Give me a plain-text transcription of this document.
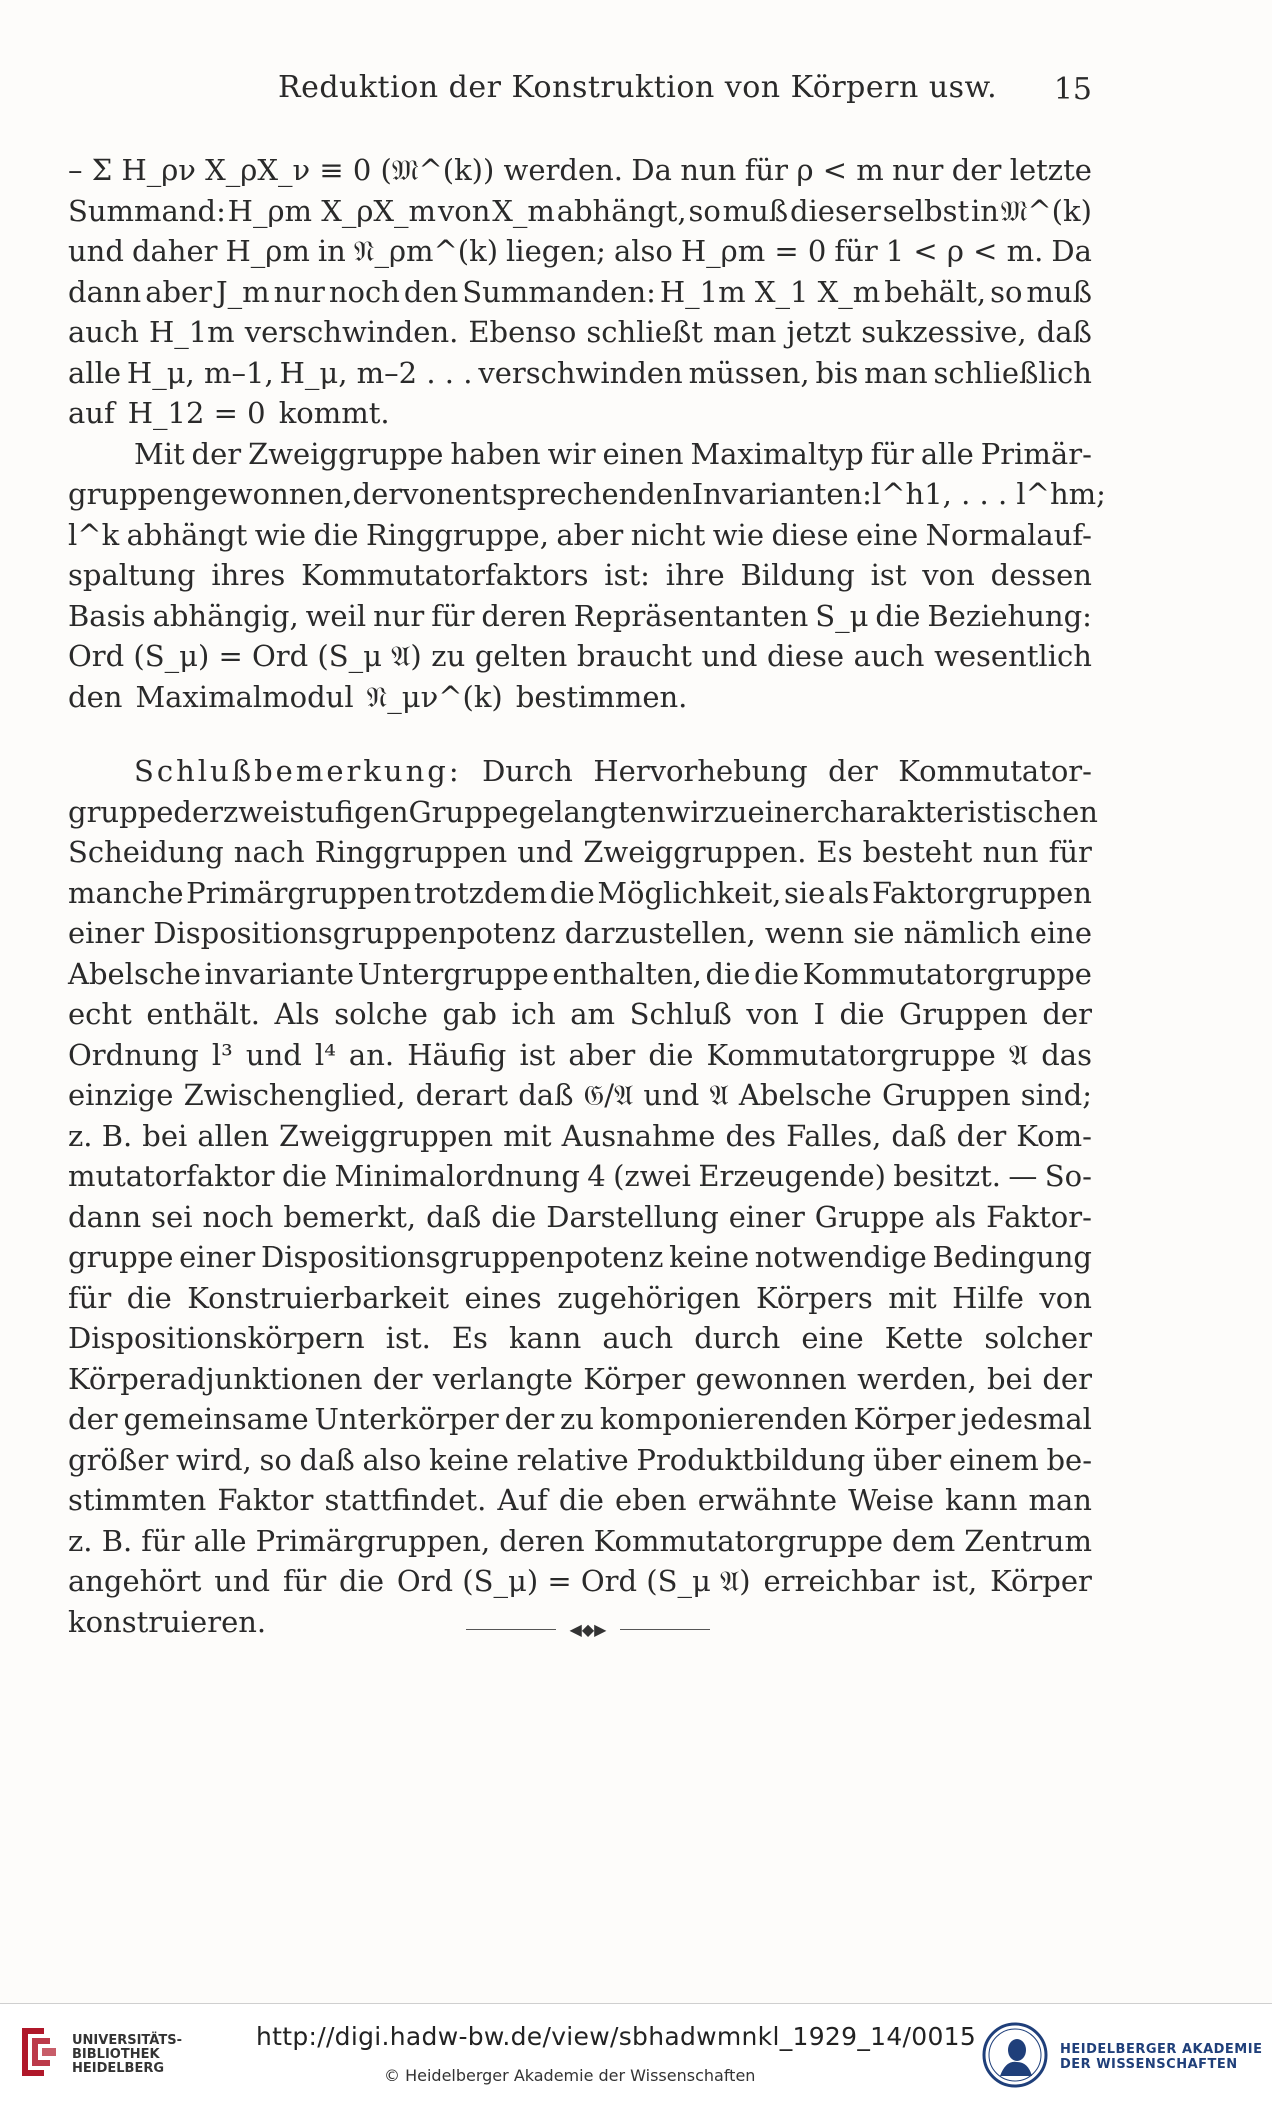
Reduktion der Konstruktion von Körpern usw. 15
– Σ H_ρν X_ρX_ν ≡ 0 (𝔐^(k)) werden. Da nun für ρ < m nur der letzte
Summand: H_ρm X_ρX_m von X_m abhängt, so muß dieser selbst in 𝔐^(k)
und daher H_ρm in 𝔑_ρm^(k) liegen; also H_ρm = 0 für 1 < ρ < m. Da
dann aber J_m nur noch den Summanden: H_1m X_1 X_m behält, so muß
auch H_1m verschwinden. Ebenso schließt man jetzt sukzessive, daß
alle H_μ, m–1, H_μ, m–2 . . . verschwinden müssen, bis man schließlich
auf H_12 = 0 kommt.
Mit der Zweiggruppe haben wir einen Maximaltyp für alle Primär-
gruppen gewonnen, der von entsprechenden Invarianten: l^h1, . . . l^hm;
l^k abhängt wie die Ringgruppe, aber nicht wie diese eine Normalauf-
spaltung ihres Kommutatorfaktors ist: ihre Bildung ist von dessen
Basis abhängig, weil nur für deren Repräsentanten S_μ die Beziehung:
Ord (S_μ) = Ord (S_μ 𝔄) zu gelten braucht und diese auch wesentlich
den Maximalmodul 𝔑_μν^(k) bestimmen.
Schlußbemerkung: Durch Hervorhebung der Kommutator-
gruppe der zweistufigen Gruppe gelangten wir zu einer charakteristischen
Scheidung nach Ringgruppen und Zweiggruppen. Es besteht nun für
manche Primärgruppen trotzdem die Möglichkeit, sie als Faktorgruppen
einer Dispositionsgruppenpotenz darzustellen, wenn sie nämlich eine
Abelsche invariante Untergruppe enthalten, die die Kommutatorgruppe
echt enthält. Als solche gab ich am Schluß von I die Gruppen der
Ordnung l³ und l⁴ an. Häufig ist aber die Kommutatorgruppe 𝔄 das
einzige Zwischenglied, derart daß 𝔊/𝔄 und 𝔄 Abelsche Gruppen sind;
z. B. bei allen Zweiggruppen mit Ausnahme des Falles, daß der Kom-
mutatorfaktor die Minimalordnung 4 (zwei Erzeugende) besitzt. — So-
dann sei noch bemerkt, daß die Darstellung einer Gruppe als Faktor-
gruppe einer Dispositionsgruppenpotenz keine notwendige Bedingung
für die Konstruierbarkeit eines zugehörigen Körpers mit Hilfe von
Dispositionskörpern ist. Es kann auch durch eine Kette solcher
Körperadjunktionen der verlangte Körper gewonnen werden, bei der
der gemeinsame Unterkörper der zu komponierenden Körper jedesmal
größer wird, so daß also keine relative Produktbildung über einem be-
stimmten Faktor stattfindet. Auf die eben erwähnte Weise kann man
z. B. für alle Primärgruppen, deren Kommutatorgruppe dem Zentrum
angehört und für die Ord (S_μ) = Ord (S_μ 𝔄) erreichbar ist, Körper
konstruieren.	◀◆▶
UNIVERSITÄTS-
BIBLIOTHEK
HEIDELBERG
http://digi.hadw-bw.de/view/sbhadwmnkl_1929_14/0015
© Heidelberger Akademie der Wissenschaften
HEIDELBERGER AKADEMIE
DER WISSENSCHAFTEN
